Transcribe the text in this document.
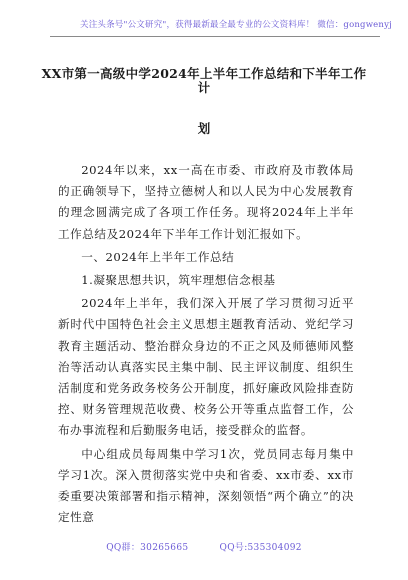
关注头条号"公文研究"，获得最新最全最专业的公文资料库！ 微信：gongwenyj
XX市第一高级中学2024年上半年工作总结和下半年工作计
划

2024年以来，xx一高在市委、市政府及市教体局的正确领导下，坚持立德树人和以人民为中心发展教育的理念圆满完成了各项工作任务。现将2024年上半年工作总结及2024年下半年工作计划汇报如下。

一、2024年上半年工作总结

1.凝聚思想共识，筑牢理想信念根基

2024年上半年，我们深入开展了学习贯彻习近平新时代中国特色社会主义思想主题教育活动、党纪学习教育主题活动、整治群众身边的不正之风及师德师风整治等活动认真落实民主集中制、民主评议制度、组织生活制度和党务政务校务公开制度，抓好廉政风险排查防控、财务管理规范收费、校务公开等重点监督工作，公布办事流程和后勤服务电话，接受群众的监督。

中心组成员每周集中学习1次，党员同志每月集中学习1次。深入贯彻落实党中央和省委、xx市委、xx市委重要决策部署和指示精神，深刻领悟“两个确立”的决定性意

QQ群：30265665	QQ号:535304092
